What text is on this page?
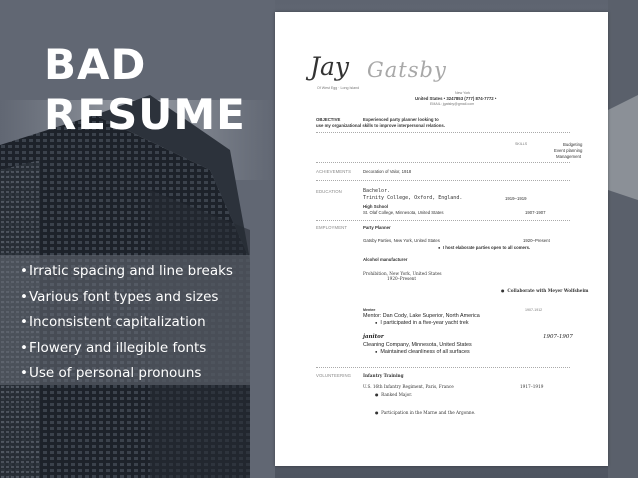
BAD
RESUME
•Irratic spacing and line breaks
•Various font types and sizes
•Inconsistent capitalization
•Flowery and illegible fonts
•Use of personal pronouns
Jay Gatsby
Of West Egg · Long Island
New York
United States • 3247853 (777) 874-7772 •
EMAIL: jgatsby@gmail.com
OBJECTIVE	Experienced party planner looking to
use my organizational skills to improve interpersonal relations.
SKILLS	Budgeting
Event planning
Management
ACHIEVEMENTS	Decoration of Valor, 1918
EDUCATION	Bachelor.
Trinity College, Oxford, England.	1919–1919
High School
St. Olaf College, Minnesota, United States	1907-1907
EMPLOYMENT	Party Planner
Gatsby Parties, New York, United States	1920–Present
● I host elaborate parties open to all comers.
Alcohol manufacturer
Prohibition, New York, United States
1920–Present
● Collaborate with Meyer Wolfsheim
Mentee	1907-1912
Mentor: Dan Cody, Lake Superior, North America
● I participated in a five-year yacht trek
janitor	1907-1907
Cleaning Company, Minnesota, United States
● Maintained cleanliness of all surfaces
VOLUNTEERING	Infantry Training
U.S. 16th Infantry Regiment, Paris, France	1917–1919
● Ranked Major.
● Participation in the Marne and the Argonne.
